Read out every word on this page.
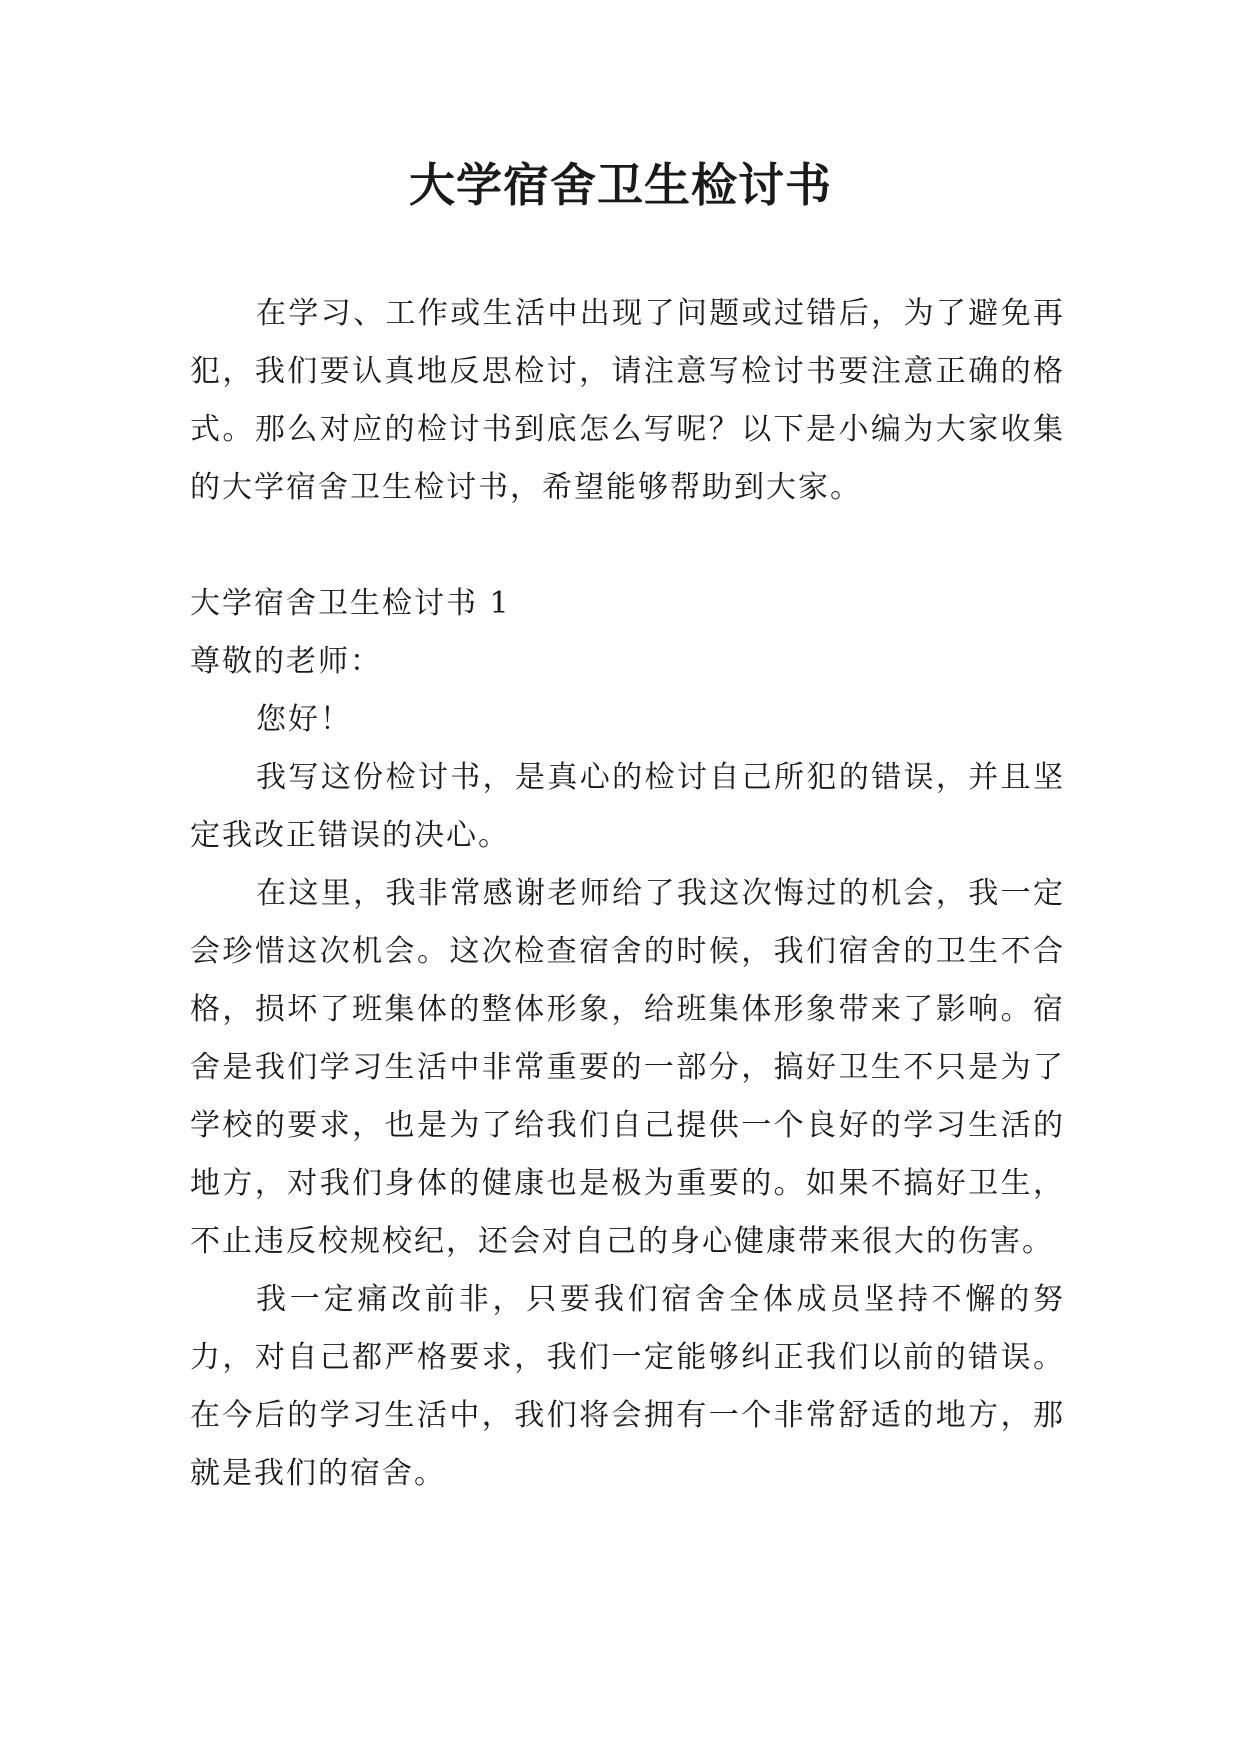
大学宿舍卫生检讨书

在学习、工作或生活中出现了问题或过错后，为了避免再犯，我们要认真地反思检讨，请注意写检讨书要注意正确的格式。那么对应的检讨书到底怎么写呢？以下是小编为大家收集的大学宿舍卫生检讨书，希望能够帮助到大家。

大学宿舍卫生检讨书 1

尊敬的老师：

您好！

我写这份检讨书，是真心的检讨自己所犯的错误，并且坚定我改正错误的决心。

在这里，我非常感谢老师给了我这次悔过的机会，我一定会珍惜这次机会。这次检查宿舍的时候，我们宿舍的卫生不合格，损坏了班集体的整体形象，给班集体形象带来了影响。宿舍是我们学习生活中非常重要的一部分，搞好卫生不只是为了学校的要求，也是为了给我们自己提供一个良好的学习生活的地方，对我们身体的健康也是极为重要的。如果不搞好卫生，不止违反校规校纪，还会对自己的身心健康带来很大的伤害。

我一定痛改前非，只要我们宿舍全体成员坚持不懈的努力，对自己都严格要求，我们一定能够纠正我们以前的错误。在今后的学习生活中，我们将会拥有一个非常舒适的地方，那就是我们的宿舍。
